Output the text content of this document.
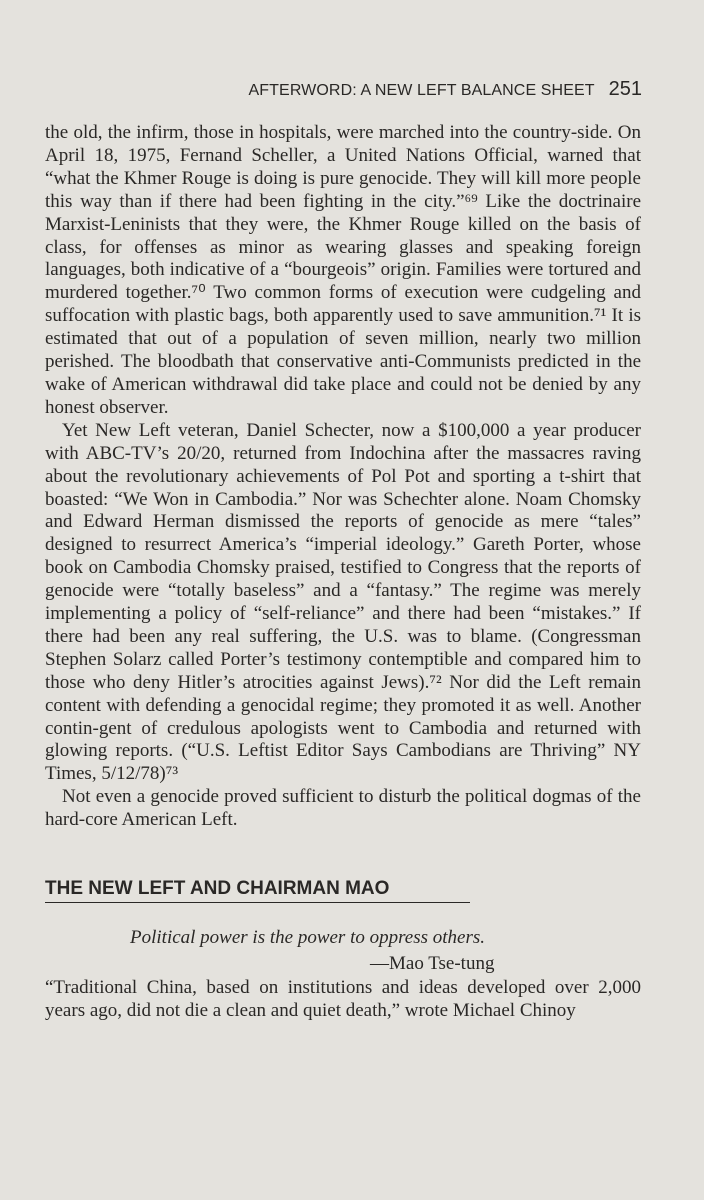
AFTERWORD: A NEW LEFT BALANCE SHEET 251

the old, the infirm, those in hospitals, were marched into the country-side. On April 18, 1975, Fernand Scheller, a United Nations Official, warned that “what the Khmer Rouge is doing is pure genocide. They will kill more people this way than if there had been fighting in the city.”⁶⁹ Like the doctrinaire Marxist-Leninists that they were, the Khmer Rouge killed on the basis of class, for offenses as minor as wearing glasses and speaking foreign languages, both indicative of a “bourgeois” origin. Families were tortured and murdered together.⁷⁰ Two common forms of execution were cudgeling and suffocation with plastic bags, both apparently used to save ammunition.⁷¹ It is estimated that out of a population of seven million, nearly two million perished. The bloodbath that conservative anti-Communists predicted in the wake of American withdrawal did take place and could not be denied by any honest observer.

Yet New Left veteran, Daniel Schecter, now a $100,000 a year producer with ABC-TV’s 20/20, returned from Indochina after the massacres raving about the revolutionary achievements of Pol Pot and sporting a t-shirt that boasted: “We Won in Cambodia.” Nor was Schechter alone. Noam Chomsky and Edward Herman dismissed the reports of genocide as mere “tales” designed to resurrect America’s “imperial ideology.” Gareth Porter, whose book on Cambodia Chomsky praised, testified to Congress that the reports of genocide were “totally baseless” and a “fantasy.” The regime was merely implementing a policy of “self-reliance” and there had been “mistakes.” If there had been any real suffering, the U.S. was to blame. (Congressman Stephen Solarz called Porter’s testimony contemptible and compared him to those who deny Hitler’s atrocities against Jews).⁷² Nor did the Left remain content with defending a genocidal regime; they promoted it as well. Another contin-gent of credulous apologists went to Cambodia and returned with glowing reports. (“U.S. Leftist Editor Says Cambodians are Thriving” NY Times, 5/12/78)⁷³

Not even a genocide proved sufficient to disturb the political dogmas of the hard-core American Left.

THE NEW LEFT AND CHAIRMAN MAO
Political power is the power to oppress others.
—Mao Tse-tung

“Traditional China, based on institutions and ideas developed over 2,000 years ago, did not die a clean and quiet death,” wrote Michael Chinoy
